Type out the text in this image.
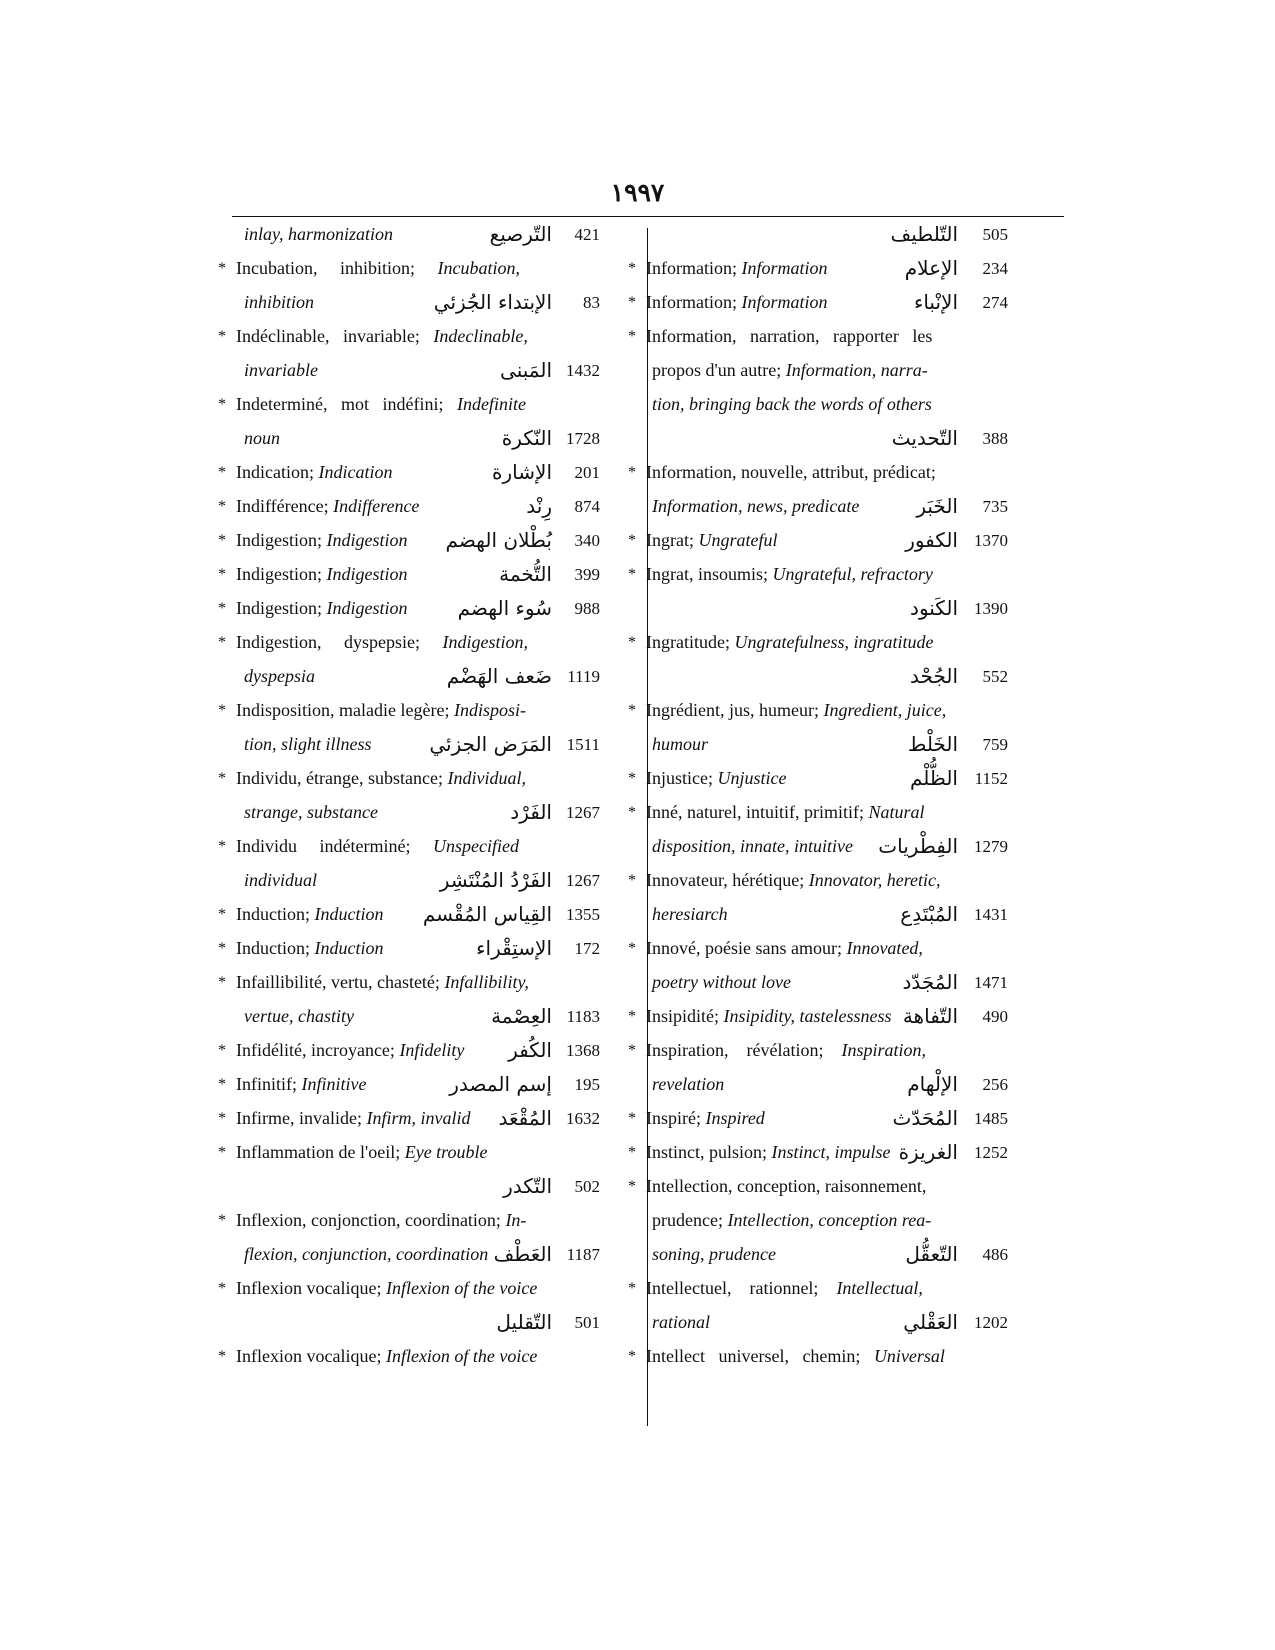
١٩٩٧
inlay, harmonization	التّرصيع 421
* Incubation,     inhibition;     Incubation,
inhibition	الإبتداء الجُزئي 83
* Indéclinable,   invariable;   Indeclinable,
invariable	المَبنى 1432
* Indeterminé,   mot   indéfini;   Indefinite
noun	النّكرة 1728
* Indication; Indication	الإشارة 201
* Indifférence; Indifference	رِنْد 874
* Indigestion; Indigestion بُطْلان الهضم 340
* Indigestion; Indigestion	التُّخمة 399
* Indigestion; Indigestion	سُوء الهضم 988
* Indigestion,     dyspepsie;     Indigestion,
dyspepsia	ضَعف الهَضْم 1119
* Indisposition, maladie legère; Indisposi-
tion, slight illness	المَرَض الجزئي 1511
* Individu, étrange, substance; Individual,
strange, substance	الفَرْد 1267
* Individu     indéterminé;     Unspecified
individual	الفَرْدُ المُنْتَشِر 1267
* Induction; Induction القِياس المُقْسم 1355
* Induction; Induction	الإستِقْراء 172
* Infaillibilité, vertu, chasteté; Infallibility,
vertue, chastity	العِصْمة 1183
* Infidélité, incroyance; Infidelity الكُفر 1368
* Infinitif; Infinitive	إسم المصدر 195
* Infirme, invalide; Infirm, invalid المُقْعَد 1632
* Inflammation de l'oeil; Eye trouble
التّكدر 502
* Inflexion, conjonction, coordination; In-
flexion, conjunction, coordination العَطْف 1187
* Inflexion vocalique; Inflexion of the voice
التّقليل 501
* Inflexion vocalique; Inflexion of the voice
التّلطيف 505
* Information; Information	الإعلام 234
* Information; Information	الإنْباء 274
* Information,   narration,   rapporter   les
propos d'un autre; Information, narra-
tion, bringing back the words of others
التّحديث 388
* Information, nouvelle, attribut, prédicat;
Information, news, predicate	الخَبَر 735
* Ingrat; Ungrateful	الكفور 1370
* Ingrat, insoumis; Ungrateful, refractory
الكَنود 1390
* Ingratitude; Ungratefulness, ingratitude
الجُحْد 552
* Ingrédient, jus, humeur; Ingredient, juice,
humour	الخَلْط 759
* Injustice; Unjustice	الظُّلْم 1152
* Inné, naturel, intuitif, primitif; Natural
disposition, innate, intuitive الفِطْريات 1279
* Innovateur, hérétique; Innovator, heretic,
heresiarch	المُبْتَدِع 1431
* Innové, poésie sans amour; Innovated,
poetry without love	المُجَدّد 1471
* Insipidité; Insipidity, tastelessness التّفاهة 490
* Inspiration,    révélation;    Inspiration,
revelation	الإلْهام 256
* Inspiré; Inspired	المُحَدّث 1485
* Instinct, pulsion; Instinct, impulse الغريزة 1252
* Intellection, conception, raisonnement,
prudence; Intellection, conception rea-
soning, prudence	التّعقُّل 486
* Intellectuel,    rationnel;    Intellectual,
rational	العَقْلي 1202
* Intellect   universel,   chemin;   Universal
